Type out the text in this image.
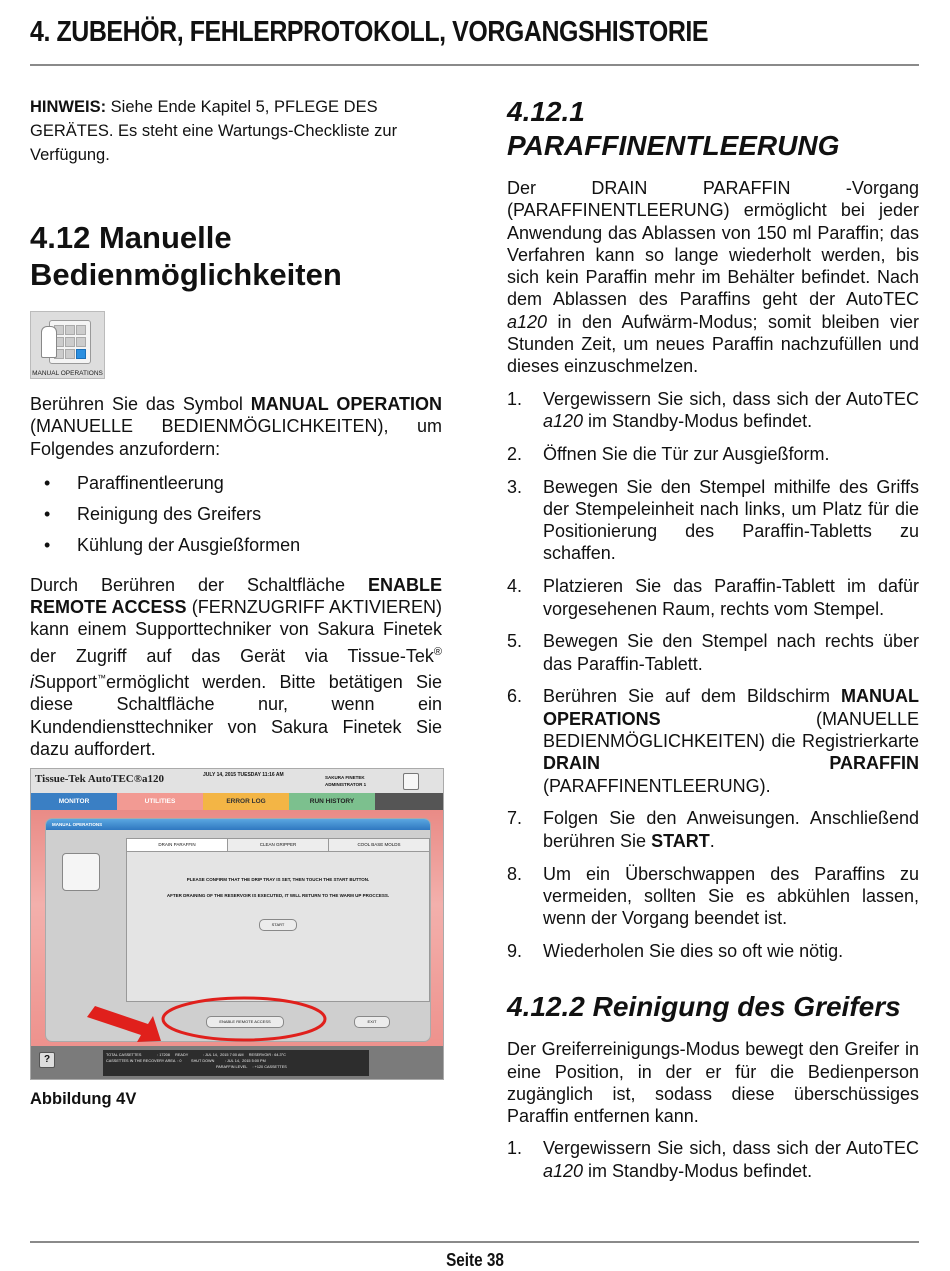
4. ZUBEHÖR, FEHLERPROTOKOLL, VORGANGSHISTORIE

HINWEIS: Siehe Ende Kapitel 5, PFLEGE DES GERÄTES. Es steht eine Wartungs-Checkliste zur Verfügung.

4.12 Manuelle
Bedienmöglichkeiten
MANUAL OPERATIONS

Berühren Sie das Symbol MANUAL OPERATION (MANUELLE BEDIENMÖGLICHKEITEN), um Folgendes anzufordern:

• Paraffinentleerung
• Reinigung des Greifers
• Kühlung der Ausgießformen

Durch Berühren der Schaltfläche ENABLE REMOTE ACCESS (FERNZUGRIFF AKTIVIEREN) kann einem Supporttechniker von Sakura Finetek der Zugriff auf das Gerät via Tissue-Tek® iSupport™ermöglicht werden. Bitte betätigen Sie diese Schaltfläche nur, wenn ein Kundendiensttechniker von Sakura Finetek Sie dazu auffordert.

Tissue-Tek AutoTEC®a120	JULY 14, 2015 TUESDAY 11:16 AM	SAKURA FINETEK
ADMINISTRATOR 1
MONITOR	UTILITIES	ERROR LOG	RUN HISTORY
MANUAL OPERATIONS
DRAIN PARAFFIN	CLEAN GRIPPER	COOL BASE MOLDS
PLEASE CONFIRM THAT THE DRIP TRAY IS SET, THEN TOUCH THE START BUTTON.
AFTER DRAINING OF THE RESERVOIR IS EXECUTED, IT WILL RETURN TO THE WARM UP PROCCESS.
START
ENABLE REMOTE ACCESS	EXIT
?	TOTAL CASSETTES               : 17208     READY              : JUL 14,  2015 7:00 AM     RESERVOIR : 64.3°C
CASSETTES IN THE RECOVERY AREA  : 0         SHUT DOWN          : JUL 14,  2015 5:00 PM
PARAFFIN LEVEL     : +120 CASSETTES
Abbildung 4V
4.12.1
PARAFFINENTLEERUNG

Der DRAIN PARAFFIN -Vorgang (PARAFFINENTLEERUNG) ermöglicht bei jeder Anwendung das Ablassen von 150 ml Paraffin; das Verfahren kann so lange wiederholt werden, bis sich kein Paraffin mehr im Behälter befindet. Nach dem Ablassen des Paraffins geht der AutoTEC a120 in den Aufwärm-Modus; somit bleiben vier Stunden Zeit, um neues Paraffin nachzufüllen und dieses einzuschmelzen.

1. Vergewissern Sie sich, dass sich der AutoTEC a120 im Standby-Modus befindet.
2. Öffnen Sie die Tür zur Ausgießform.
3. Bewegen Sie den Stempel mithilfe des Griffs der Stempeleinheit nach links, um Platz für die Positionierung des Paraffin-Tabletts zu schaffen.
4. Platzieren Sie das Paraffin-Tablett im dafür vorgesehenen Raum, rechts vom Stempel.
5. Bewegen Sie den Stempel nach rechts über das Paraffin-Tablett.
6. Berühren Sie auf dem Bildschirm MANUAL OPERATIONS (MANUELLE BEDIENMÖGLICHKEITEN) die Registrierkarte DRAIN PARAFFIN (PARAFFINENTLEERUNG).
7. Folgen Sie den Anweisungen. Anschließend berühren Sie START.
8. Um ein Überschwappen des Paraffins zu vermeiden, sollten Sie es abkühlen lassen, wenn der Vorgang beendet ist.
9. Wiederholen Sie dies so oft wie nötig.
4.12.2 Reinigung des Greifers

Der Greiferreinigungs-Modus bewegt den Greifer in eine Position, in der er für die Bedienperson zugänglich ist, sodass diese überschüssiges Paraffin entfernen kann.

1. Vergewissern Sie sich, dass sich der AutoTEC a120 im Standby-Modus befindet.
Seite 38
